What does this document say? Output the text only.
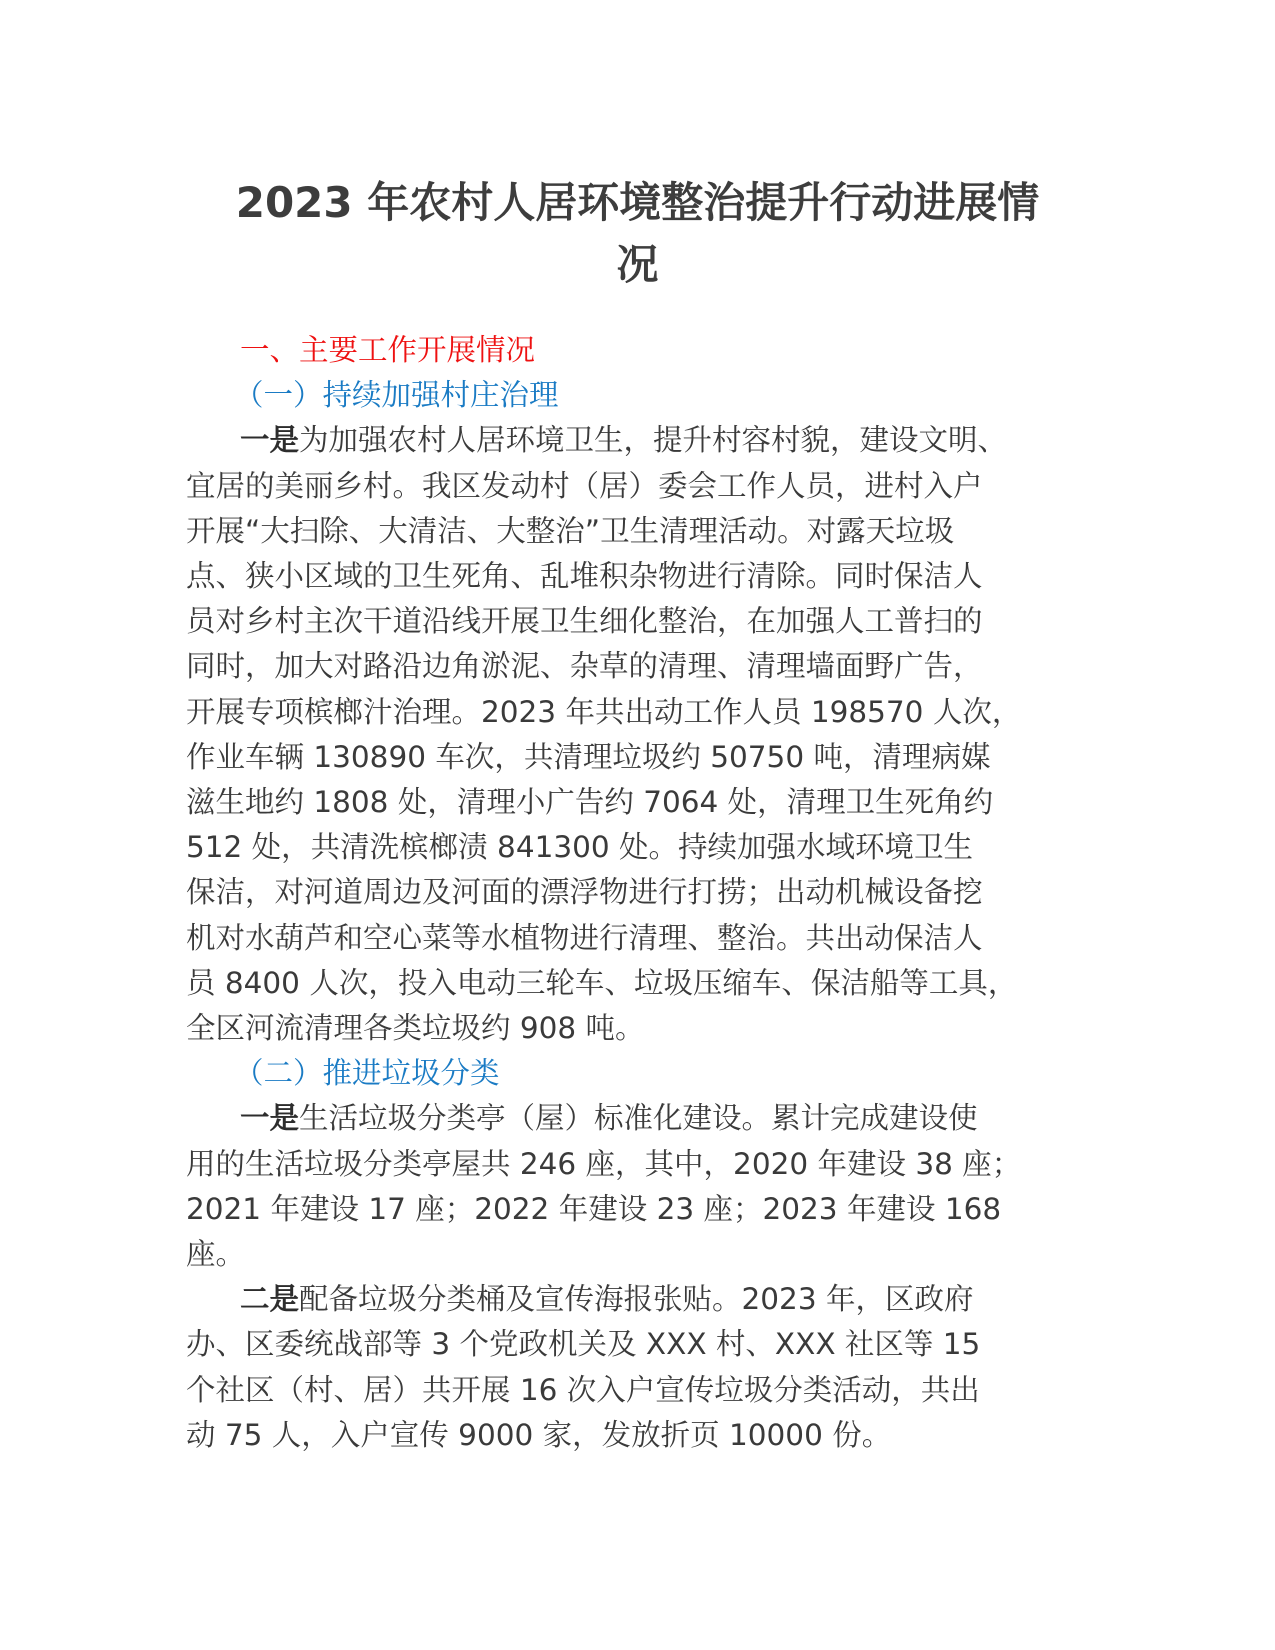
2023 年农村人居环境整治提升行动进展情
况

一、主要工作开展情况

（一）持续加强村庄治理

一是为加强农村人居环境卫生，提升村容村貌，建设文明、
宜居的美丽乡村。我区发动村（居）委会工作人员，进村入户
开展“大扫除、大清洁、大整治”卫生清理活动。对露天垃圾
点、狭小区域的卫生死角、乱堆积杂物进行清除。同时保洁人
员对乡村主次干道沿线开展卫生细化整治，在加强人工普扫的
同时，加大对路沿边角淤泥、杂草的清理、清理墙面野广告，
开展专项槟榔汁治理。2023 年共出动工作人员 198570 人次，
作业车辆 130890 车次，共清理垃圾约 50750 吨，清理病媒
滋生地约 1808 处，清理小广告约 7064 处，清理卫生死角约
512 处，共清洗槟榔渍 841300 处。持续加强水域环境卫生
保洁，对河道周边及河面的漂浮物进行打捞；出动机械设备挖
机对水葫芦和空心菜等水植物进行清理、整治。共出动保洁人
员 8400 人次，投入电动三轮车、垃圾压缩车、保洁船等工具，
全区河流清理各类垃圾约 908 吨。

（二）推进垃圾分类

一是生活垃圾分类亭（屋）标准化建设。累计完成建设使
用的生活垃圾分类亭屋共 246 座，其中，2020 年建设 38 座；
2021 年建设 17 座；2022 年建设 23 座；2023 年建设 168
座。
二是配备垃圾分类桶及宣传海报张贴。2023 年，区政府
办、区委统战部等 3 个党政机关及 XXX 村、XXX 社区等 15
个社区（村、居）共开展 16 次入户宣传垃圾分类活动，共出
动 75 人，入户宣传 9000 家，发放折页 10000 份。
